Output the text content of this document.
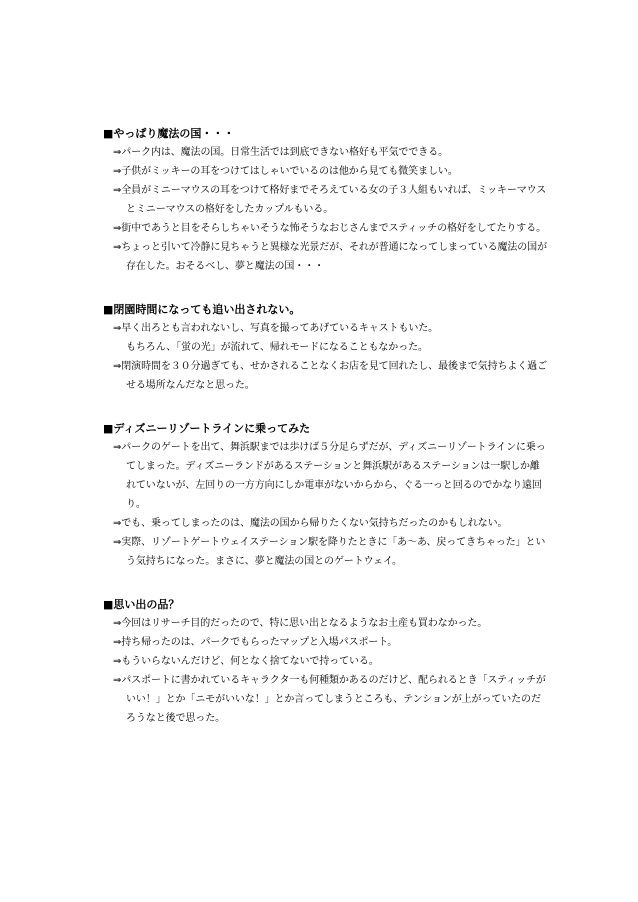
■やっぱり魔法の国・・・

⇒パーク内は、魔法の国。日常生活では到底できない格好も平気でできる。

⇒子供がミッキーの耳をつけてはしゃいでいるのは他から見ても微笑ましい。

⇒全員がミニーマウスの耳をつけて格好までそろえている女の子３人組もいれば、ミッキーマウスとミニーマウスの格好をしたカップルもいる。

⇒街中であうと目をそらしちゃいそうな怖そうなおじさんまでスティッチの格好をしてたりする。

⇒ちょっと引いて冷静に見ちゃうと異様な光景だが、それが普通になってしまっている魔法の国が存在した。おそるべし、夢と魔法の国・・・

■閉園時間になっても追い出されない。

⇒早く出ろとも言われないし、写真を撮ってあげているキャストもいた。

もちろん、「蛍の光」が流れて、帰れモードになることもなかった。

⇒閉演時間を３０分過ぎても、せかされることなくお店を見て回れたし、最後まで気持ちよく過ごせる場所なんだなと思った。

■ディズニーリゾートラインに乗ってみた

⇒パークのゲートを出て、舞浜駅までは歩けば５分足らずだが、ディズニーリゾートラインに乗ってしまった。ディズニーランドがあるステーションと舞浜駅があるステーションは一駅しか離れていないが、左回りの一方方向にしか電車がないからから、ぐる一っと回るのでかなり遠回り。

⇒でも、乗ってしまったのは、魔法の国から帰りたくない気持ちだったのかもしれない。

⇒実際、リゾートゲートウェイステーション駅を降りたときに「あ～あ、戻ってきちゃった」という気持ちになった。まさに、夢と魔法の国とのゲートウェイ。

■思い出の品？

⇒今回はリサーチ目的だったので、特に思い出となるようなお土産も買わなかった。

⇒持ち帰ったのは、パークでもらったマップと入場パスポート。

⇒もういらないんだけど、何となく捨てないで持っている。

⇒パスポートに書かれているキャラクタ一も何種類かあるのだけど、配られるとき「スティッチがいい！」とか「ニモがいいな！」とか言ってしまうところも、テンションが上がっていたのだろうなと後で思った。
